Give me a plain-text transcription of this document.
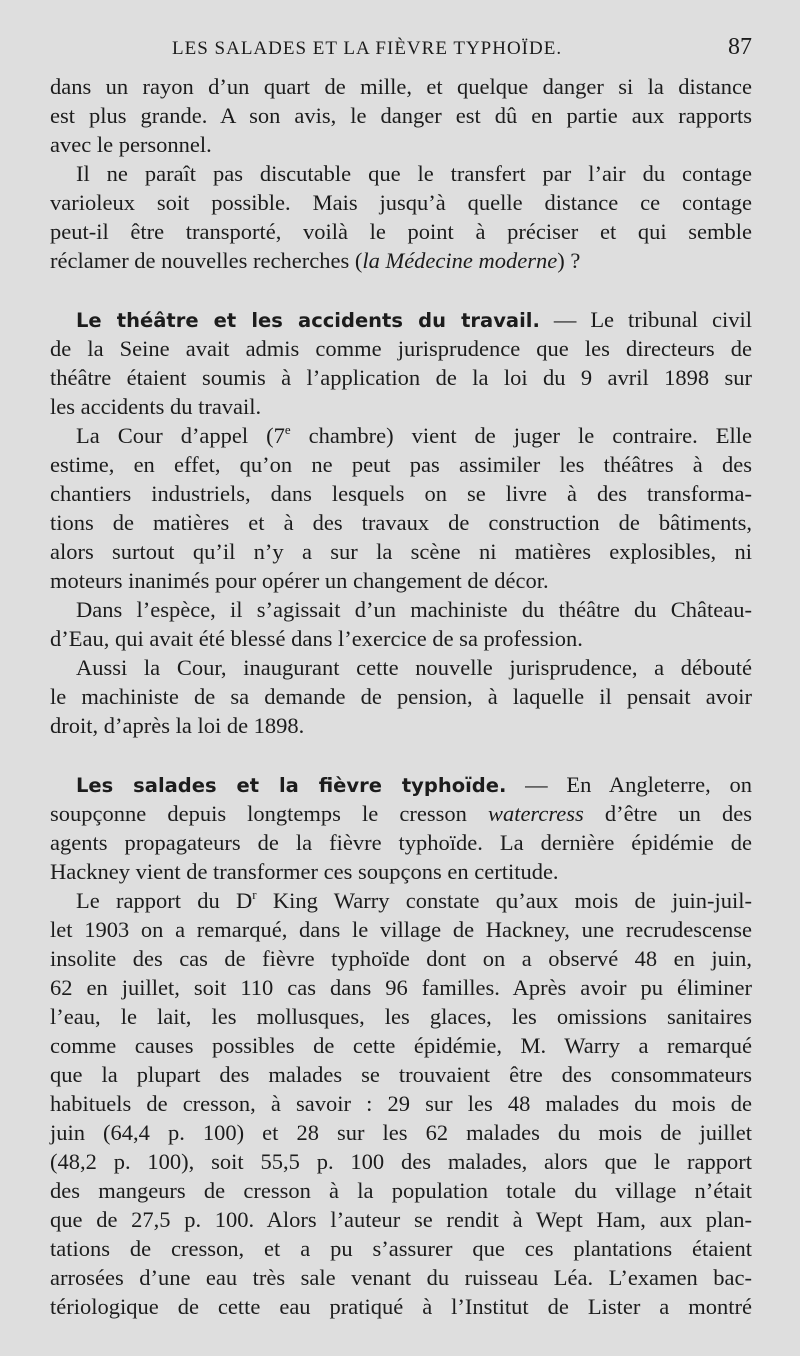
LES SALADES ET LA FIÈVRE TYPHOÏDE.	87
dans un rayon d’un quart de mille, et quelque danger si la distance
est plus grande. A son avis, le danger est dû en partie aux rapports
avec le personnel.
Il ne paraît pas discutable que le transfert par l’air du contage
varioleux soit possible. Mais jusqu’à quelle distance ce contage
peut-il être transporté, voilà le point à préciser et qui semble
réclamer de nouvelles recherches (la Médecine moderne) ?
Le théâtre et les accidents du travail. — Le tribunal civil
de la Seine avait admis comme jurisprudence que les directeurs de
théâtre étaient soumis à l’application de la loi du 9 avril 1898 sur
les accidents du travail.
La Cour d’appel (7e chambre) vient de juger le contraire. Elle
estime, en effet, qu’on ne peut pas assimiler les théâtres à des
chantiers industriels, dans lesquels on se livre à des transforma-
tions de matières et à des travaux de construction de bâtiments,
alors surtout qu’il n’y a sur la scène ni matières explosibles, ni
moteurs inanimés pour opérer un changement de décor.
Dans l’espèce, il s’agissait d’un machiniste du théâtre du Château-
d’Eau, qui avait été blessé dans l’exercice de sa profession.
Aussi la Cour, inaugurant cette nouvelle jurisprudence, a débouté
le machiniste de sa demande de pension, à laquelle il pensait avoir
droit, d’après la loi de 1898.
Les salades et la fièvre typhoïde. — En Angleterre, on
soupçonne depuis longtemps le cresson watercress d’être un des
agents propagateurs de la fièvre typhoïde. La dernière épidémie de
Hackney vient de transformer ces soupçons en certitude.
Le rapport du $D^r$ King Warry constate qu’aux mois de juin-juil-
let 1903 on a remarqué, dans le village de Hackney, une recrudescense
insolite des cas de fièvre typhoïde dont on a observé 48 en juin,
62 en juillet, soit 110 cas dans 96 familles. Après avoir pu éliminer
l’eau, le lait, les mollusques, les glaces, les omissions sanitaires
comme causes possibles de cette épidémie, M. Warry a remarqué
que la plupart des malades se trouvaient être des consommateurs
habituels de cresson, à savoir : 29 sur les 48 malades du mois de
juin (64,4 p. 100) et 28 sur les 62 malades du mois de juillet
(48,2 p. 100), soit 55,5 p. 100 des malades, alors que le rapport
des mangeurs de cresson à la population totale du village n’était
que de 27,5 p. 100. Alors l’auteur se rendit à Wept Ham, aux plan-
tations de cresson, et a pu s’assurer que ces plantations étaient
arrosées d’une eau très sale venant du ruisseau Léa. L’examen bac-
tériologique de cette eau pratiqué à l’Institut de Lister a montré
